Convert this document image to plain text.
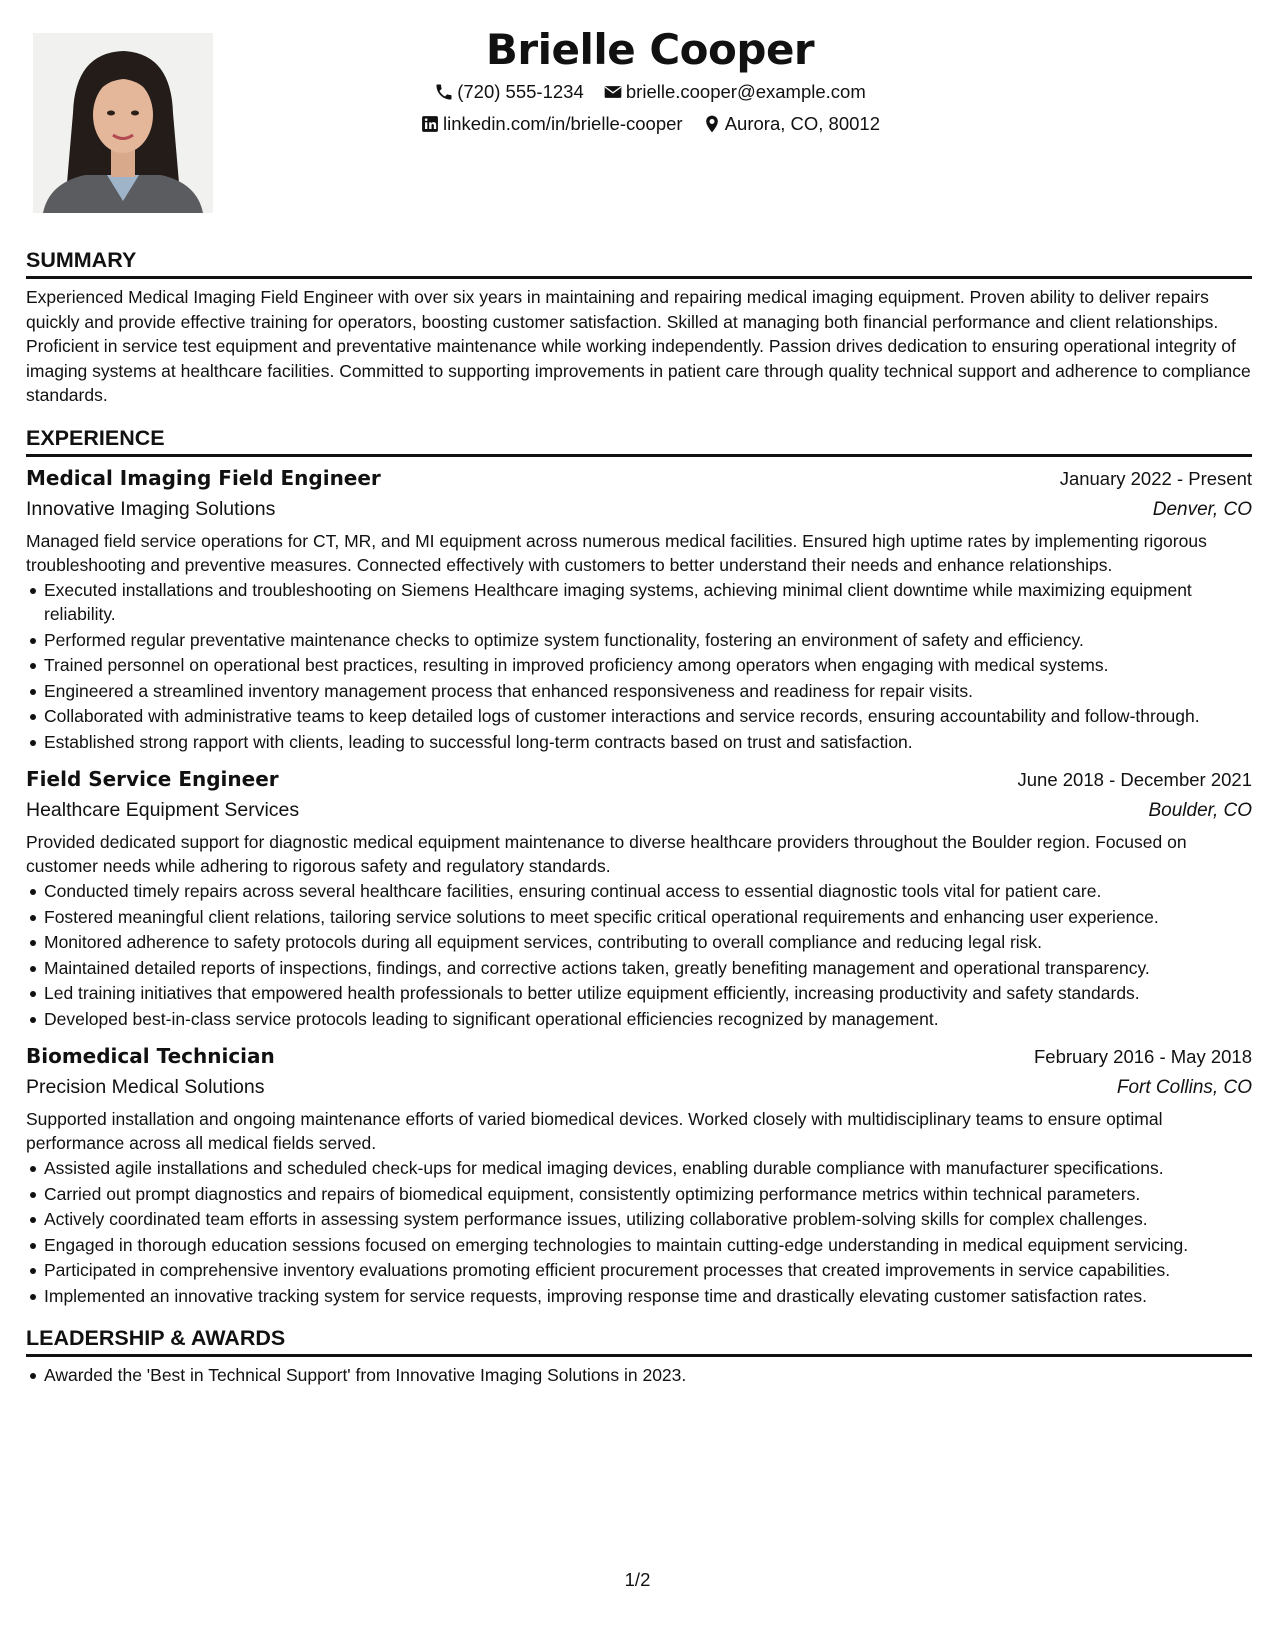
Brielle Cooper
(720) 555-1234
brielle.cooper@example.com
linkedin.com/in/brielle-cooper
Aurora, CO, 80012
SUMMARY
Experienced Medical Imaging Field Engineer with over six years in maintaining and repairing medical imaging equipment. Proven ability to deliver repairs quickly and provide effective training for operators, boosting customer satisfaction. Skilled at managing both financial performance and client relationships. Proficient in service test equipment and preventative maintenance while working independently. Passion drives dedication to ensuring operational integrity of imaging systems at healthcare facilities. Committed to supporting improvements in patient care through quality technical support and adherence to compliance standards.
EXPERIENCE
Medical Imaging Field Engineer	January 2022 - Present
Innovative Imaging Solutions	Denver, CO
Managed field service operations for CT, MR, and MI equipment across numerous medical facilities. Ensured high uptime rates by implementing rigorous troubleshooting and preventive measures. Connected effectively with customers to better understand their needs and enhance relationships.
Executed installations and troubleshooting on Siemens Healthcare imaging systems, achieving minimal client downtime while maximizing equipment reliability.
Performed regular preventative maintenance checks to optimize system functionality, fostering an environment of safety and efficiency.
Trained personnel on operational best practices, resulting in improved proficiency among operators when engaging with medical systems.
Engineered a streamlined inventory management process that enhanced responsiveness and readiness for repair visits.
Collaborated with administrative teams to keep detailed logs of customer interactions and service records, ensuring accountability and follow-through.
Established strong rapport with clients, leading to successful long-term contracts based on trust and satisfaction.
Field Service Engineer	June 2018 - December 2021
Healthcare Equipment Services	Boulder, CO
Provided dedicated support for diagnostic medical equipment maintenance to diverse healthcare providers throughout the Boulder region. Focused on customer needs while adhering to rigorous safety and regulatory standards.
Conducted timely repairs across several healthcare facilities, ensuring continual access to essential diagnostic tools vital for patient care.
Fostered meaningful client relations, tailoring service solutions to meet specific critical operational requirements and enhancing user experience.
Monitored adherence to safety protocols during all equipment services, contributing to overall compliance and reducing legal risk.
Maintained detailed reports of inspections, findings, and corrective actions taken, greatly benefiting management and operational transparency.
Led training initiatives that empowered health professionals to better utilize equipment efficiently, increasing productivity and safety standards.
Developed best-in-class service protocols leading to significant operational efficiencies recognized by management.
Biomedical Technician	February 2016 - May 2018
Precision Medical Solutions	Fort Collins, CO
Supported installation and ongoing maintenance efforts of varied biomedical devices. Worked closely with multidisciplinary teams to ensure optimal performance across all medical fields served.
Assisted agile installations and scheduled check-ups for medical imaging devices, enabling durable compliance with manufacturer specifications.
Carried out prompt diagnostics and repairs of biomedical equipment, consistently optimizing performance metrics within technical parameters.
Actively coordinated team efforts in assessing system performance issues, utilizing collaborative problem-solving skills for complex challenges.
Engaged in thorough education sessions focused on emerging technologies to maintain cutting-edge understanding in medical equipment servicing.
Participated in comprehensive inventory evaluations promoting efficient procurement processes that created improvements in service capabilities.
Implemented an innovative tracking system for service requests, improving response time and drastically elevating customer satisfaction rates.
LEADERSHIP & AWARDS
Awarded the 'Best in Technical Support' from Innovative Imaging Solutions in 2023.
1/2
